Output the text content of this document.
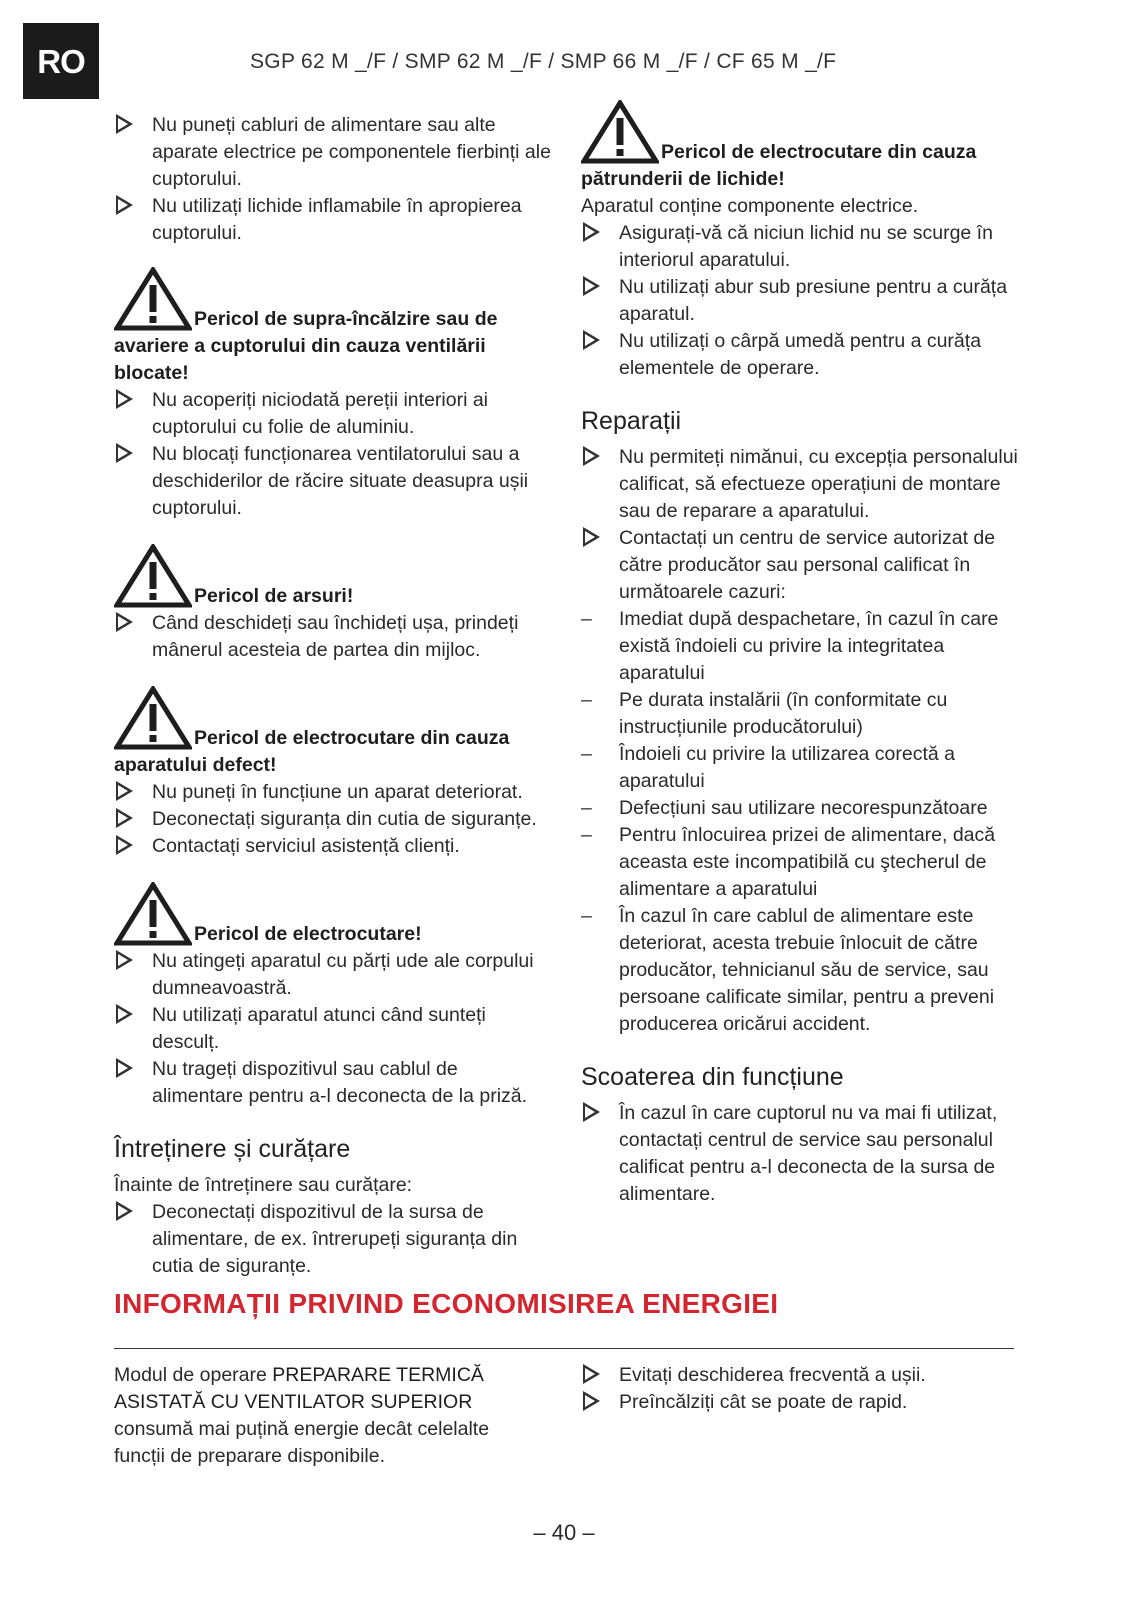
RO	SGP 62 M _/F / SMP 62 M _/F / SMP 66 M _/F / CF 65 M _/F
Nu puneți cabluri de alimentare sau alte aparate electrice pe componentele fierbinți ale cuptorului.
Nu utilizați lichide inflamabile în apropierea cuptorului.
Pericol de supra-încălzire sau de avariere a cuptorului din cauza ventilării blocate!
Nu acoperiți niciodată pereții interiori ai cuptorului cu folie de aluminiu.
Nu blocați funcționarea ventilatorului sau a deschiderilor de răcire situate deasupra ușii cuptorului.
Pericol de arsuri!
Când deschideți sau închideți ușa, prindeți mânerul acesteia de partea din mijloc.
Pericol de electrocutare din cauza aparatului defect!
Nu puneți în funcțiune un aparat deteriorat.
Deconectați siguranța din cutia de siguranțe.
Contactați serviciul asistență clienți.
Pericol de electrocutare!
Nu atingeți aparatul cu părți ude ale corpului dumneavoastră.
Nu utilizați aparatul atunci când sunteți desculț.
Nu trageți dispozitivul sau cablul de alimentare pentru a-l deconecta de la priză.
Întreținere și curățare

Înainte de întreținere sau curățare:

Deconectați dispozitivul de la sursa de alimentare, de ex. întrerupeți siguranța din cutia de siguranțe.
Pericol de electrocutare din cauza pătrunderii de lichide!

Aparatul conține componente electrice.

Asigurați-vă că niciun lichid nu se scurge în interiorul aparatului.
Nu utilizați abur sub presiune pentru a curăța aparatul.
Nu utilizați o cârpă umedă pentru a curăța elementele de operare.
Reparații
Nu permiteți nimănui, cu excepția personalului calificat, să efectueze operațiuni de montare sau de reparare a aparatului.
Contactați un centru de service autorizat de către producător sau personal calificat în următoarele cazuri:
– Imediat după despachetare, în cazul în care există îndoieli cu privire la integritatea aparatului
– Pe durata instalării (în conformitate cu instrucțiunile producătorului)
– Îndoieli cu privire la utilizarea corectă a aparatului
– Defecțiuni sau utilizare necorespunzătoare
– Pentru înlocuirea prizei de alimentare, dacă aceasta este incompatibilă cu ştecherul de alimentare a aparatului
– În cazul în care cablul de alimentare este deteriorat, acesta trebuie înlocuit de către producător, tehnicianul său de service, sau persoane calificate similar, pentru a preveni producerea oricărui accident.
Scoaterea din funcțiune
În cazul în care cuptorul nu va mai fi utilizat, contactați centrul de service sau personalul calificat pentru a-l deconecta de la sursa de alimentare.
INFORMAȚII PRIVIND ECONOMISIREA ENERGIEI
Modul de operare PREPARARE TERMICĂ ASISTATĂ CU VENTILATOR SUPERIOR consumă mai puțină energie decât celelalte funcții de preparare disponibile.
Evitați deschiderea frecventă a ușii.
Preîncălziți cât se poate de rapid.
– 40 –
